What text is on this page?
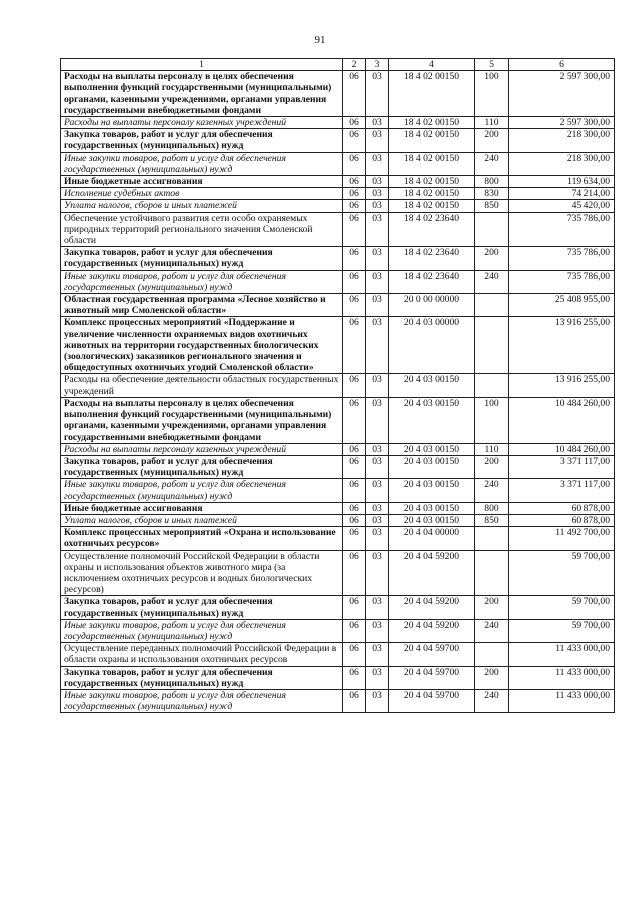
91
1	2	3	4	5	6
Расходы на выплаты персоналу в целях обеспечения выполнения функций государственными (муниципальными) органами, казенными учреждениями, органами управления государственными внебюджетными фондами	06	03	18 4 02 00150	100	2 597 300,00
Расходы на выплаты персоналу казенных учреждений	06	03	18 4 02 00150	110	2 597 300,00
Закупка товаров, работ и услуг для обеспечения государственных (муниципальных) нужд	06	03	18 4 02 00150	200	218 300,00
Иные закупки товаров, работ и услуг для обеспечения государственных (муниципальных) нужд	06	03	18 4 02 00150	240	218 300,00
Иные бюджетные ассигнования	06	03	18 4 02 00150	800	119 634,00
Исполнение судебных актов	06	03	18 4 02 00150	830	74 214,00
Уплата налогов, сборов и иных платежей	06	03	18 4 02 00150	850	45 420,00
Обеспечение устойчивого развития сети особо охраняемых природных территорий регионального значения Смоленской области	06	03	18 4 02 23640		735 786,00
Закупка товаров, работ и услуг для обеспечения государственных (муниципальных) нужд	06	03	18 4 02 23640	200	735 786,00
Иные закупки товаров, работ и услуг для обеспечения государственных (муниципальных) нужд	06	03	18 4 02 23640	240	735 786,00
Областная государственная программа «Лесное хозяйство и животный мир Смоленской области»	06	03	20 0 00 00000		25 408 955,00
Комплекс процессных мероприятий «Поддержание и увеличение численности охраняемых видов охотничьих животных на территории государственных биологических (зоологических) заказников регионального значения и общедоступных охотничьих угодий Смоленской области»	06	03	20 4 03 00000		13 916 255,00
Расходы на обеспечение деятельности областных государственных учреждений	06	03	20 4 03 00150		13 916 255,00
Расходы на выплаты персоналу в целях обеспечения выполнения функций государственными (муниципальными) органами, казенными учреждениями, органами управления государственными внебюджетными фондами	06	03	20 4 03 00150	100	10 484 260,00
Расходы на выплаты персоналу казенных учреждений	06	03	20 4 03 00150	110	10 484 260,00
Закупка товаров, работ и услуг для обеспечения государственных (муниципальных) нужд	06	03	20 4 03 00150	200	3 371 117,00
Иные закупки товаров, работ и услуг для обеспечения государственных (муниципальных) нужд	06	03	20 4 03 00150	240	3 371 117,00
Иные бюджетные ассигнования	06	03	20 4 03 00150	800	60 878,00
Уплата налогов, сборов и иных платежей	06	03	20 4 03 00150	850	60 878,00
Комплекс процессных мероприятий «Охрана и использование охотничьих ресурсов»	06	03	20 4 04 00000		11 492 700,00
Осуществление полномочий Российской Федерации в области охраны и использования объектов животного мира (за исключением охотничьих ресурсов и водных биологических ресурсов)	06	03	20 4 04 59200		59 700,00
Закупка товаров, работ и услуг для обеспечения государственных (муниципальных) нужд	06	03	20 4 04 59200	200	59 700,00
Иные закупки товаров, работ и услуг для обеспечения государственных (муниципальных) нужд	06	03	20 4 04 59200	240	59 700,00
Осуществление переданных полномочий Российской Федерации в области охраны и использования охотничьих ресурсов	06	03	20 4 04 59700		11 433 000,00
Закупка товаров, работ и услуг для обеспечения государственных (муниципальных) нужд	06	03	20 4 04 59700	200	11 433 000,00
Иные закупки товаров, работ и услуг для обеспечения государственных (муниципальных) нужд	06	03	20 4 04 59700	240	11 433 000,00
